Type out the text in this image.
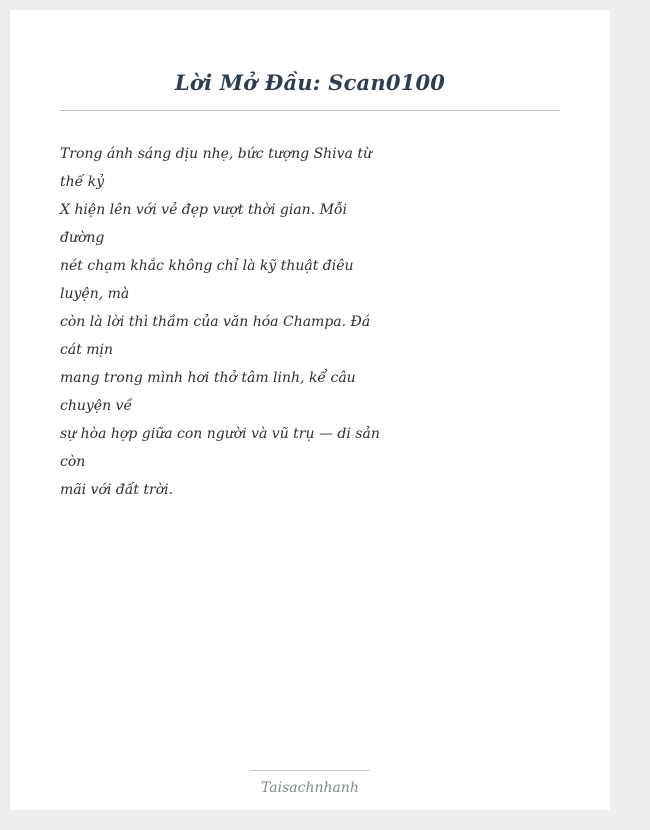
Lời Mở Đầu: Scan0100
Trong ánh sáng dịu nhẹ, bức tượng Shiva từ
thế kỷ
X hiện lên với vẻ đẹp vượt thời gian. Mỗi
đường
nét chạm khắc không chỉ là kỹ thuật điêu
luyện, mà
còn là lời thì thầm của văn hóa Champa. Đá
cát mịn
mang trong mình hơi thở tâm linh, kể câu
chuyện về
sự hòa hợp giữa con người và vũ trụ — di sản
còn
mãi với đất trời.
Taisachnhanh
